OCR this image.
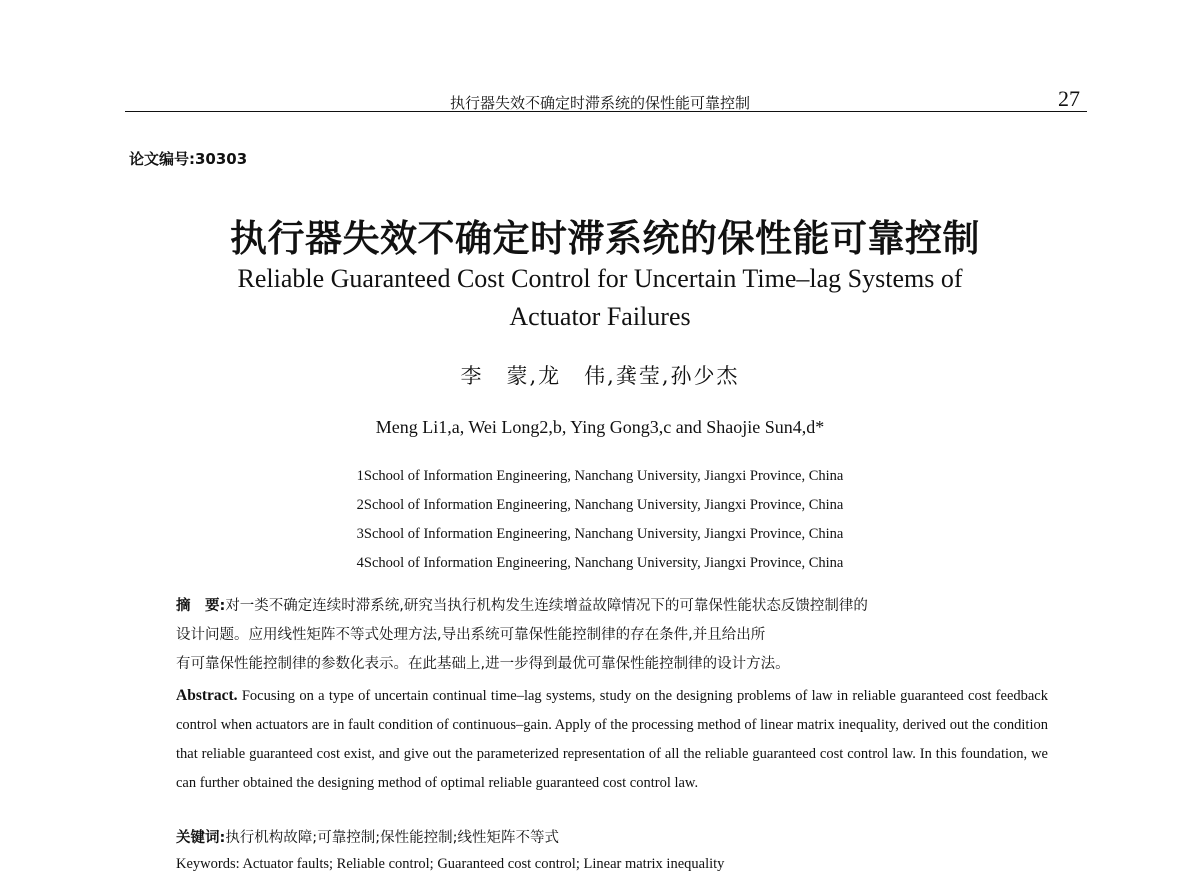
执行器失效不确定时滞系统的保性能可靠控制	27
论文编号:30303
执行器失效不确定时滞系统的保性能可靠控制
Reliable Guaranteed Cost Control for Uncertain Time–lag Systems of
Actuator Failures
李　蒙,龙　伟,龚莹,孙少杰
Meng Li1,a, Wei Long2,b, Ying Gong3,c and Shaojie Sun4,d*
1School of Information Engineering, Nanchang University, Jiangxi Province, China
2School of Information Engineering, Nanchang University, Jiangxi Province, China
3School of Information Engineering, Nanchang University, Jiangxi Province, China
4School of Information Engineering, Nanchang University, Jiangxi Province, China
摘　要:对一类不确定连续时滞系统,研究当执行机构发生连续增益故障情况下的可靠保性能状态反馈控制律的
设计问题。应用线性矩阵不等式处理方法,导出系统可靠保性能控制律的存在条件,并且给出所
有可靠保性能控制律的参数化表示。在此基础上,进一步得到最优可靠保性能控制律的设计方法。
Abstract. Focusing on a type of uncertain continual time–lag systems, study on the designing problems of law in reliable guaranteed cost feedback control when actuators are in fault condition of continuous–gain. Apply of the processing method of linear matrix inequality, derived out the condition that reliable guaranteed cost exist, and give out the parameterized representation of all the reliable guaranteed cost control law. In this foundation, we can further obtained the designing method of optimal reliable guaranteed cost control law.
关键词:执行机构故障;可靠控制;保性能控制;线性矩阵不等式
Keywords: Actuator faults; Reliable control; Guaranteed cost control; Linear matrix inequality
